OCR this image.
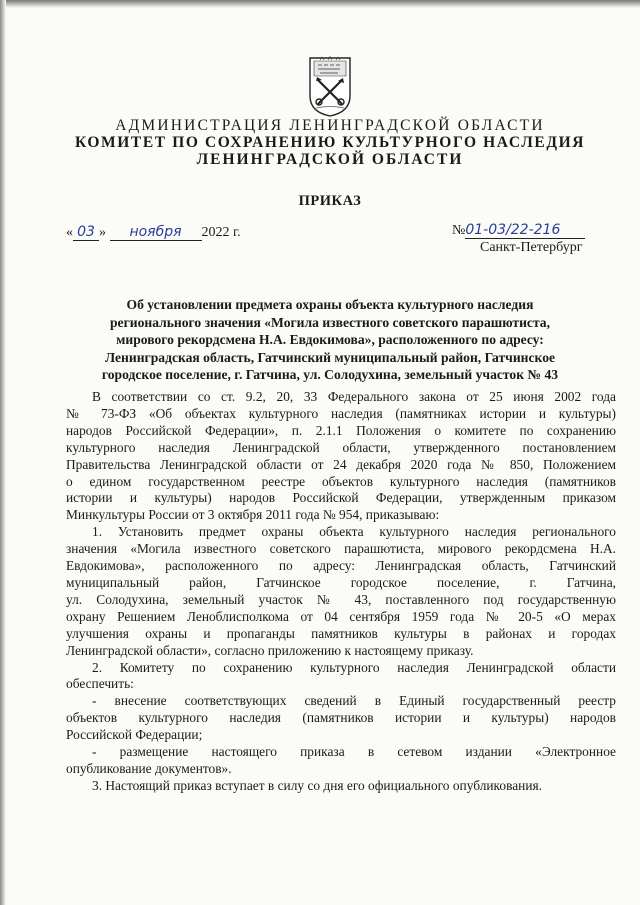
АДМИНИСТРАЦИЯ ЛЕНИНГРАДСКОЙ ОБЛАСТИ
КОМИТЕТ ПО СОХРАНЕНИЮ КУЛЬТУРНОГО НАСЛЕДИЯ
ЛЕНИНГРАДСКОЙ ОБЛАСТИ
ПРИКАЗ
« 03 » ноября 2022 г.	№01-03/22-216
Санкт-Петербург
Об установлении предмета охраны объекта культурного наследия
регионального значения «Могила известного советского парашютиста,
мирового рекордсмена Н.А. Евдокимова», расположенного по адресу:
Ленинградская область, Гатчинский муниципальный район, Гатчинское
городское поселение, г. Гатчина, ул. Солодухина, земельный участок № 43

В соответствии со ст. 9.2, 20, 33 Федерального закона от 25 июня 2002 года
№ 73-ФЗ «Об объектах культурного наследия (памятниках истории и культуры)
народов Российской Федерации», п. 2.1.1 Положения о комитете по сохранению
культурного наследия Ленинградской области, утвержденного постановлением
Правительства Ленинградской области от 24 декабря 2020 года № 850, Положением
о едином государственном реестре объектов культурного наследия (памятников
истории и культуры) народов Российской Федерации, утвержденным приказом
Минкультуры России от 3 октября 2011 года № 954, приказываю:

1. Установить предмет охраны объекта культурного наследия регионального
значения «Могила известного советского парашютиста, мирового рекордсмена Н.А.
Евдокимова», расположенного по адресу: Ленинградская область, Гатчинский
муниципальный район, Гатчинское городское поселение, г. Гатчина,
ул. Солодухина, земельный участок № 43, поставленного под государственную
охрану Решением Леноблисполкома от 04 сентября 1959 года № 20-5 «О мерах
улучшения охраны и пропаганды памятников культуры в районах и городах
Ленинградской области», согласно приложению к настоящему приказу.

2. Комитету по сохранению культурного наследия Ленинградской области
обеспечить:

- внесение соответствующих сведений в Единый государственный реестр
объектов культурного наследия (памятников истории и культуры) народов
Российской Федерации;

- размещение настоящего приказа в сетевом издании «Электронное
опубликование документов».

3. Настоящий приказ вступает в силу со дня его официального опубликования.
